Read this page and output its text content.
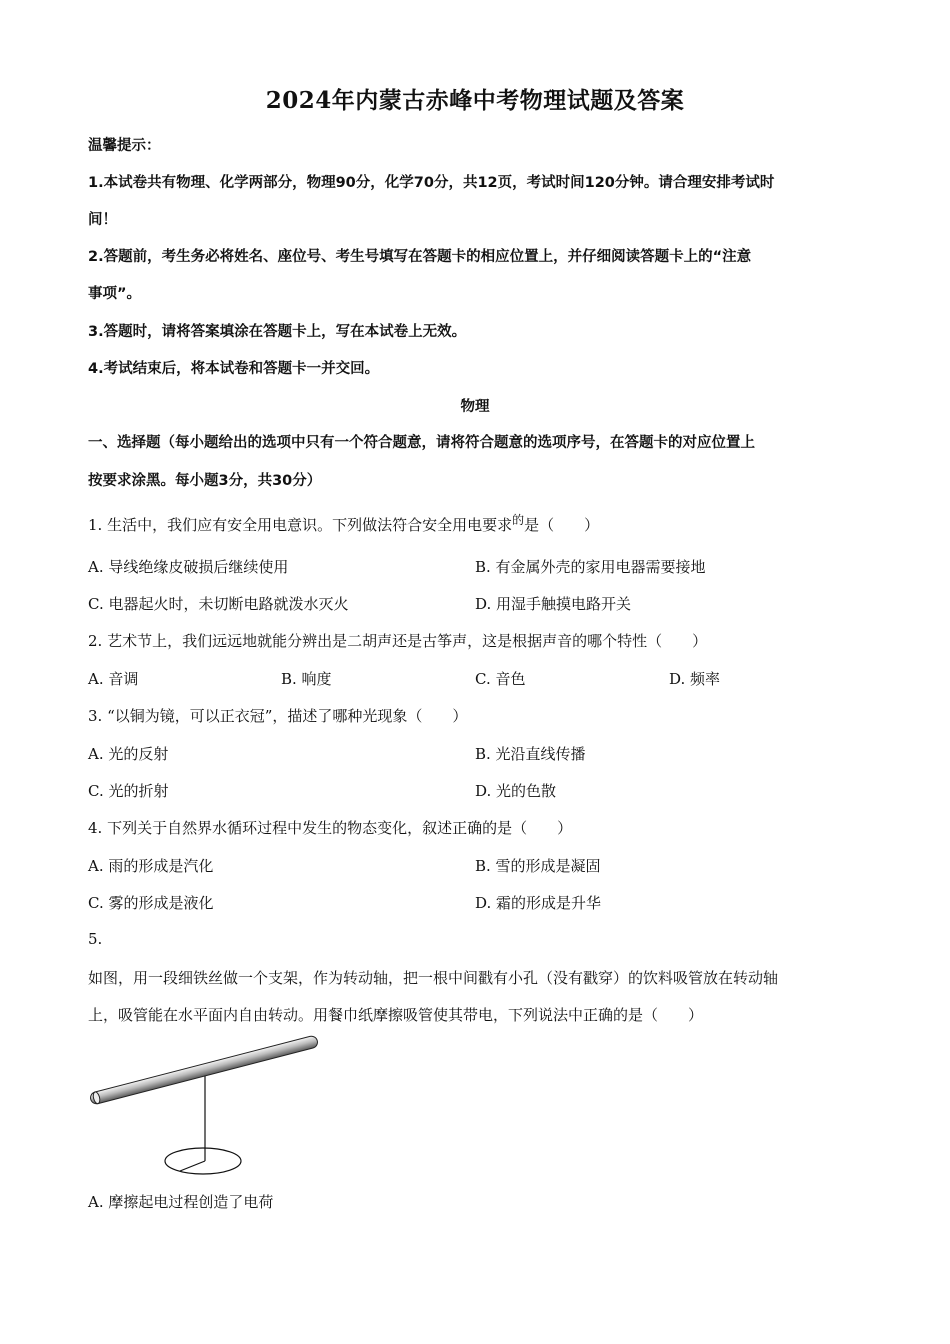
2024年内蒙古赤峰中考物理试题及答案
温馨提示：
1.本试卷共有物理、化学两部分，物理90分，化学70分，共12页，考试时间120分钟。请合理安排考试时
间！
2.答题前，考生务必将姓名、座位号、考生号填写在答题卡的相应位置上，并仔细阅读答题卡上的“注意
事项”。
3.答题时，请将答案填涂在答题卡上，写在本试卷上无效。
4.考试结束后，将本试卷和答题卡一并交回。
物理
一、选择题（每小题给出的选项中只有一个符合题意，请将符合题意的选项序号，在答题卡的对应位置上
按要求涂黑。每小题3分，共30分）
1. 生活中，我们应有安全用电意识。下列做法符合安全用电要求$^的$是（　　）
A. 导线绝缘皮破损后继续使用	B. 有金属外壳的家用电器需要接地
C. 电器起火时，未切断电路就泼水灭火	D. 用湿手触摸电路开关
2. 艺术节上，我们远远地就能分辨出是二胡声还是古筝声，这是根据声音的哪个特性（　　）
A. 音调	B. 响度	C. 音色	D. 频率
3. “以铜为镜，可以正衣冠”，描述了哪种光现象（　　）
A. 光的反射	B. 光沿直线传播
C. 光的折射	D. 光的色散
4. 下列关于自然界水循环过程中发生的物态变化，叙述正确的是（　　）
A. 雨的形成是汽化	B. 雪的形成是凝固
C. 雾的形成是液化	D. 霜的形成是升华
5.
如图，用一段细铁丝做一个支架，作为转动轴，把一根中间戳有小孔（没有戳穿）的饮料吸管放在转动轴
上，吸管能在水平面内自由转动。用餐巾纸摩擦吸管使其带电，下列说法中正确的是（　　）
A. 摩擦起电过程创造了电荷
